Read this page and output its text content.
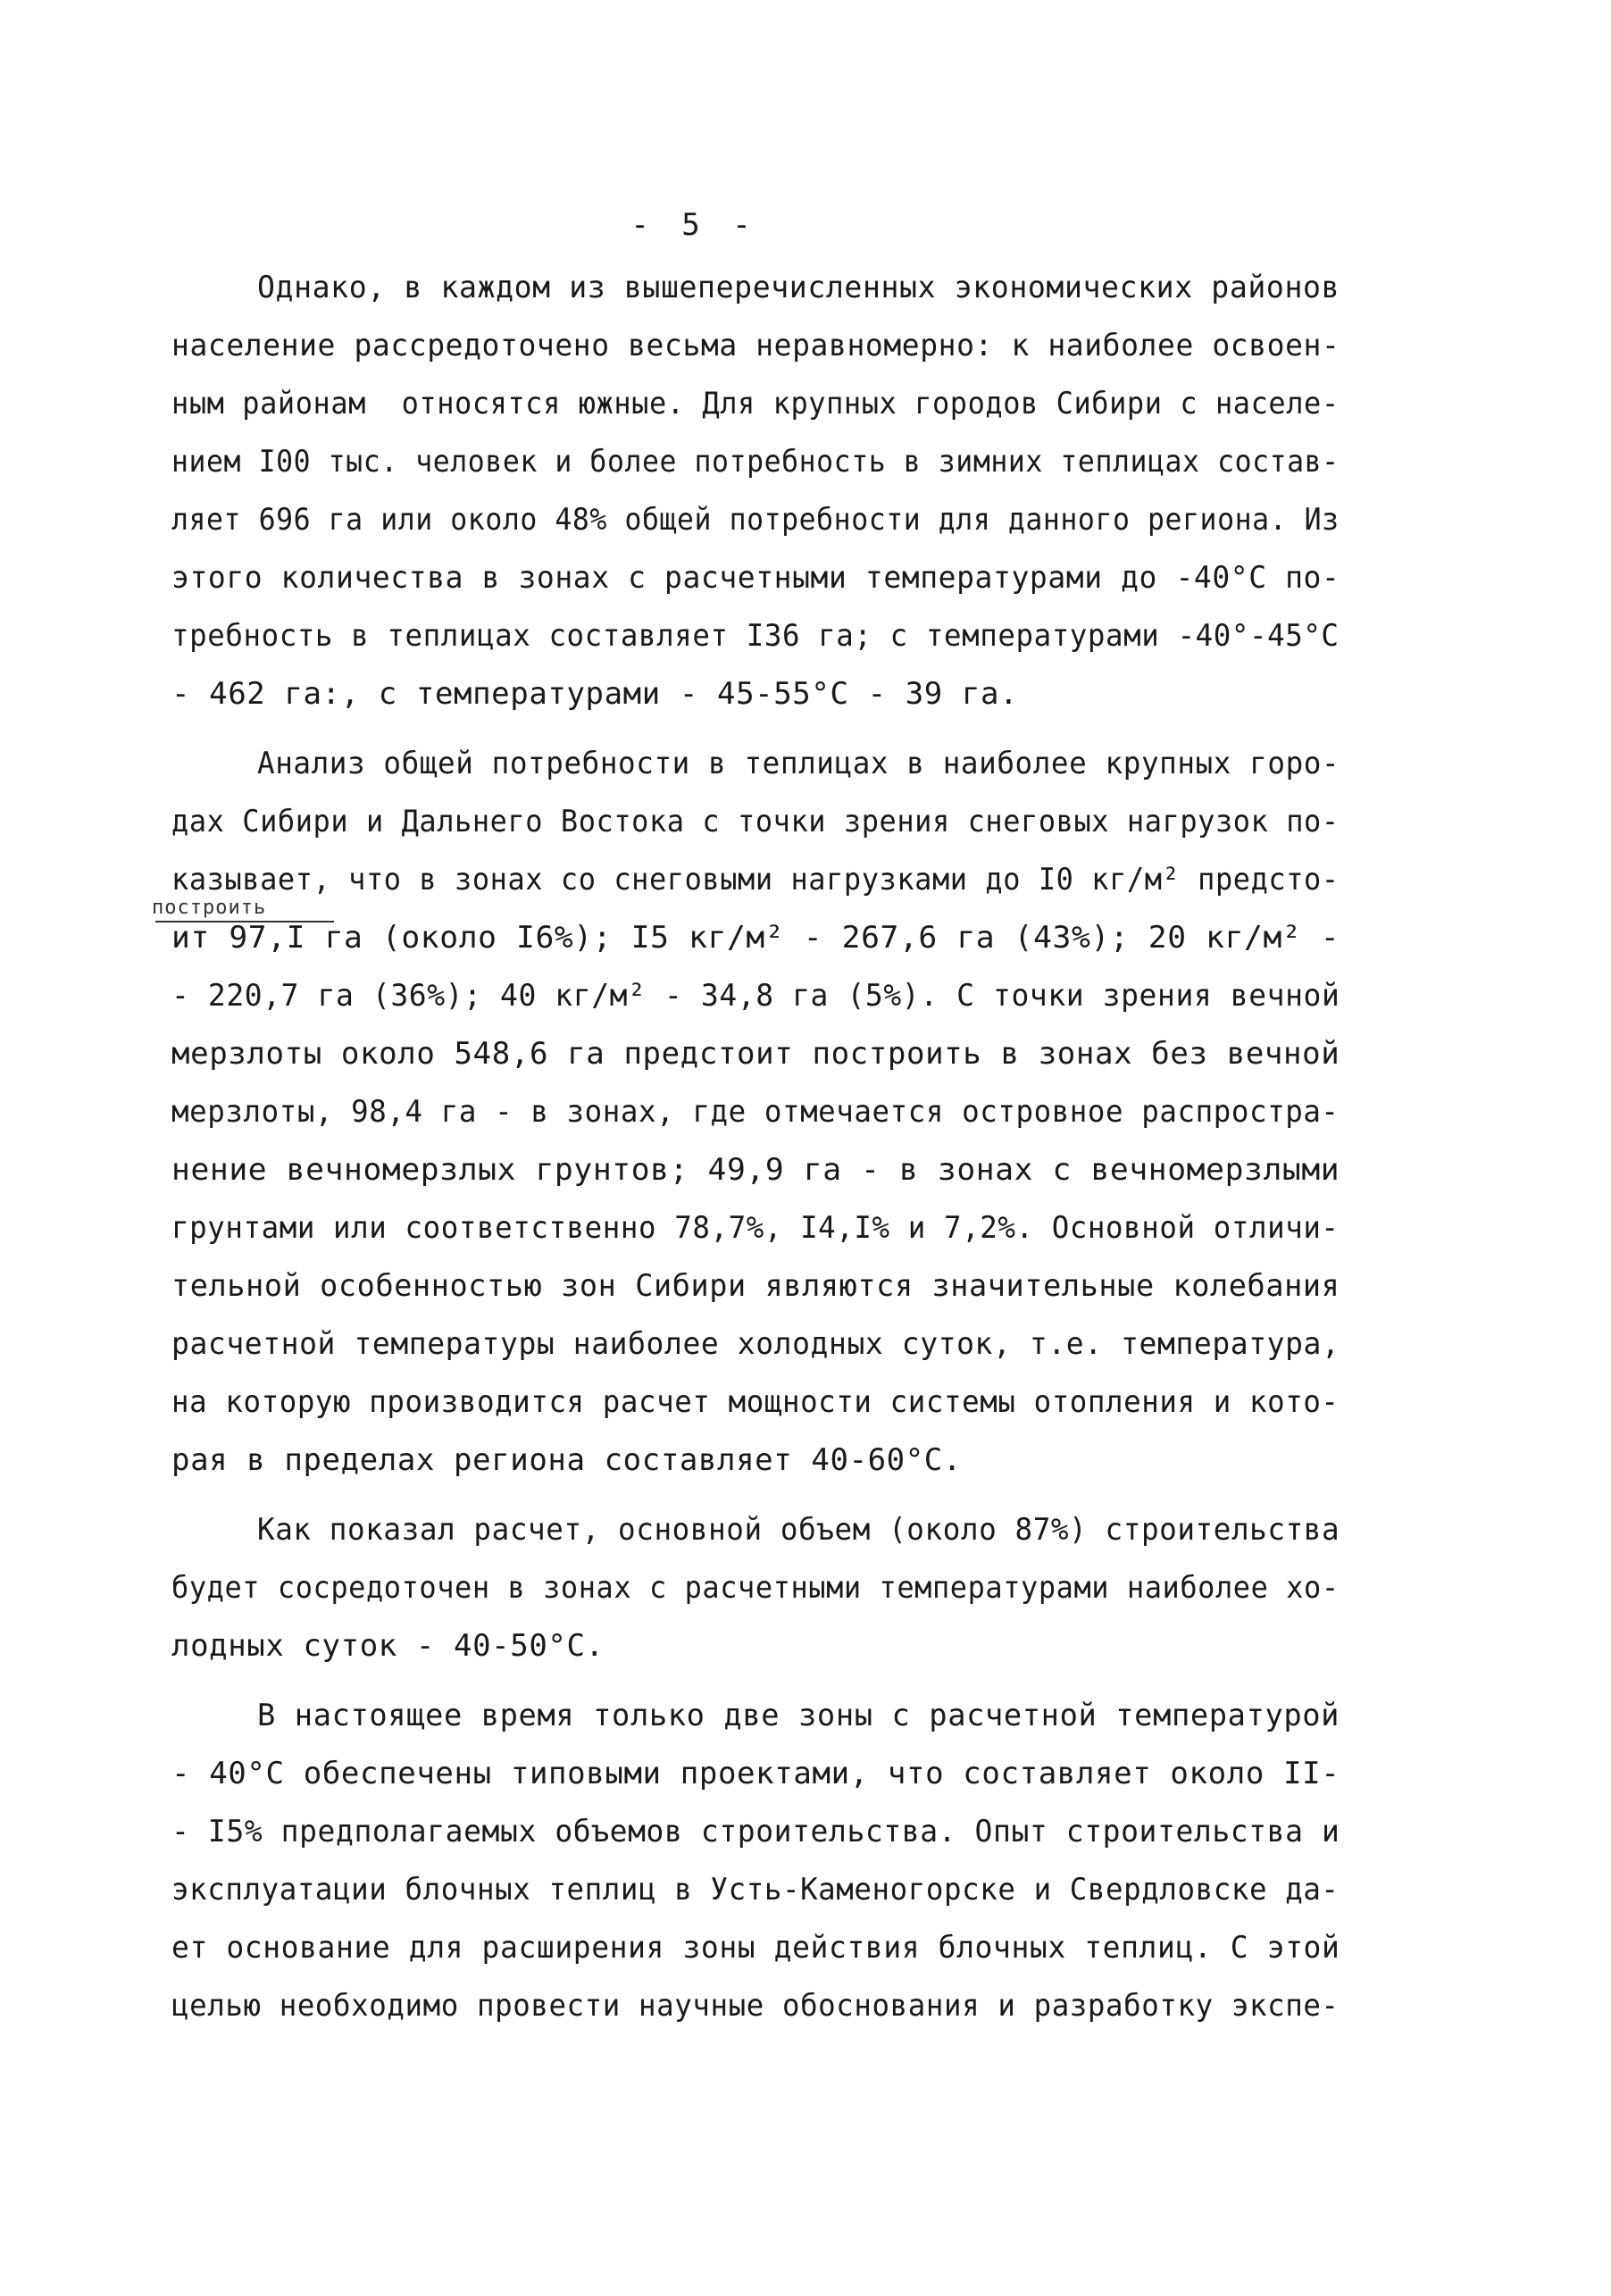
- 5 -
построить
Однако, в каждом из вышеперечисленных экономических районов
население рассредоточено весьма неравномерно: к наиболее освоен-
ным районам  относятся южные. Для крупных городов Сибири с населе-
нием I00 тыс. человек и более потребность в зимних теплицах состав-
ляет 696 га или около 48% общей потребности для данного региона. Из
этого количества в зонах с расчетными температурами до -40°С по-
требность в теплицах составляет I36 га; с температурами -40°-45°С
- 462 га:, с температурами - 45-55°С - 39 га.
Анализ общей потребности в теплицах в наиболее крупных горо-
дах Сибири и Дальнего Востока с точки зрения снеговых нагрузок по-
казывает, что в зонах со снеговыми нагрузками до I0 кг/м² предсто-
ит 97,I га (около I6%); I5 кг/м² - 267,6 га (43%); 20 кг/м² -
- 220,7 га (36%); 40 кг/м² - 34,8 га (5%). С точки зрения вечной
мерзлоты около 548,6 га предстоит построить в зонах без вечной
мерзлоты, 98,4 га - в зонах, где отмечается островное распростра-
нение вечномерзлых грунтов; 49,9 га - в зонах с вечномерзлыми
грунтами или соответственно 78,7%, I4,I% и 7,2%. Основной отличи-
тельной особенностью зон Сибири являются значительные колебания
расчетной температуры наиболее холодных суток, т.е. температура,
на которую производится расчет мощности системы отопления и кото-
рая в пределах региона составляет 40-60°С.
Как показал расчет, основной объем (около 87%) строительства
будет сосредоточен в зонах с расчетными температурами наиболее хо-
лодных суток - 40-50°С.
В настоящее время только две зоны с расчетной температурой
- 40°С обеспечены типовыми проектами, что составляет около II-
- I5% предполагаемых объемов строительства. Опыт строительства и
эксплуатации блочных теплиц в Усть-Каменогорске и Свердловске да-
ет основание для расширения зоны действия блочных теплиц. С этой
целью необходимо провести научные обоснования и разработку экспе-
